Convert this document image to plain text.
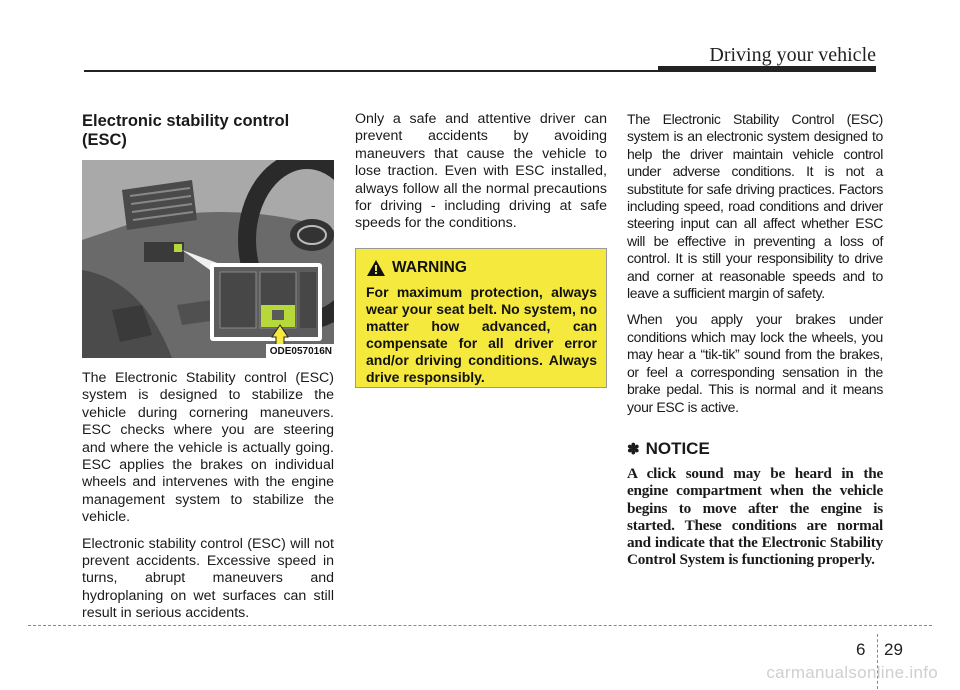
Driving your vehicle
Electronic stability control (ESC)
ODE057016N

The Electronic Stability control (ESC) system is designed to stabilize the vehicle during cornering maneuvers. ESC checks where you are steering and where the vehicle is actually going. ESC applies the brakes on individual wheels and intervenes with the engine management system to stabilize the vehicle.

Electronic stability control (ESC) will not prevent accidents. Excessive speed in turns, abrupt maneuvers and hydroplaning on wet surfaces can still result in serious accidents.

Only a safe and attentive driver can prevent accidents by avoiding maneuvers that cause the vehicle to lose traction. Even with ESC installed, always follow all the normal precautions for driving - including driving at safe speeds for the conditions.

WARNING
For maximum protection, always wear your seat belt. No system, no matter how advanced, can compensate for all driver error and/or driving conditions. Always drive responsibly.

The Electronic Stability Control (ESC) system is an electronic system designed to help the driver maintain vehicle control under adverse conditions. It is not a substitute for safe driving practices. Factors including speed, road conditions and driver steering input can all affect whether ESC will be effective in preventing a loss of control. It is still your responsibility to drive and corner at reasonable speeds and to leave a sufficient margin of safety.

When you apply your brakes under conditions which may lock the wheels, you may hear a “tik-tik” sound from the brakes, or feel a corresponding sensation in the brake pedal. This is normal and it means your ESC is active.

✽ NOTICE

A click sound may be heard in the engine compartment when the vehicle begins to move after the engine is started. These conditions are normal and indicate that the Electronic Stability Control System is functioning properly.

6 29
carmanualsonline.info
